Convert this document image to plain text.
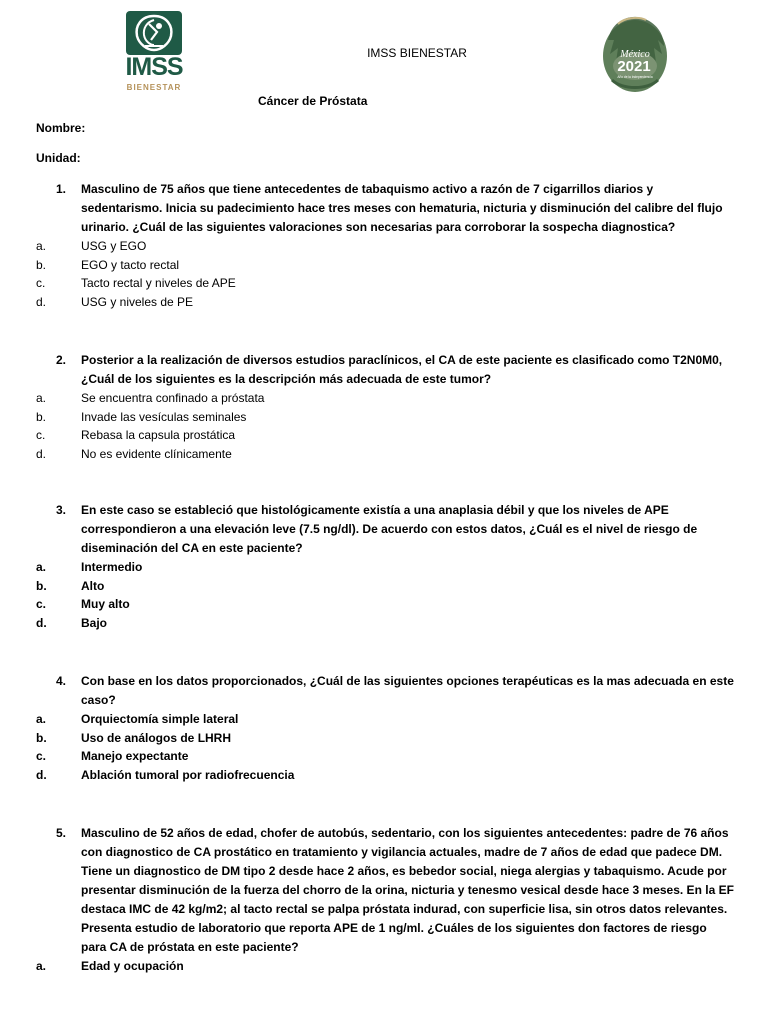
IMSS
BIENESTAR
IMSS BIENESTAR	México
2021
Año de la Independencia
Cáncer de Próstata
Nombre:
Unidad:
1. Masculino de 75 años que tiene antecedentes de tabaquismo activo a razón de 7 cigarrillos diarios y
sedentarismo. Inicia su padecimiento hace tres meses con hematuria, nicturia y disminución del calibre del flujo
urinario. ¿Cuál de las siguientes valoraciones son necesarias para corroborar la sospecha diagnostica?
a.	USG y EGO
b.	EGO y tacto rectal
c.	Tacto rectal y niveles de APE
d.	USG y niveles de PE
2. Posterior a la realización de diversos estudios paraclínicos, el CA de este paciente es clasificado como T2N0M0,
¿Cuál de los siguientes es la descripción más adecuada de este tumor?
a.	Se encuentra confinado a próstata
b.	Invade las vesículas seminales
c.	Rebasa la capsula prostática
d.	No es evidente clínicamente
3. En este caso se estableció que histológicamente existía a una anaplasia débil y que los niveles de APE
correspondieron a una elevación leve (7.5 ng/dl). De acuerdo con estos datos, ¿Cuál es el nivel de riesgo de
diseminación del CA en este paciente?
a.	Intermedio
b.	Alto
c.	Muy alto
d.	Bajo
4. Con base en los datos proporcionados, ¿Cuál de las siguientes opciones terapéuticas es la mas adecuada en este
caso?
a.	Orquiectomía simple lateral
b.	Uso de análogos de LHRH
c.	Manejo expectante
d.	Ablación tumoral por radiofrecuencia
5. Masculino de 52 años de edad, chofer de autobús, sedentario, con los siguientes antecedentes: padre de 76 años
con diagnostico de CA prostático en tratamiento y vigilancia actuales, madre de 7 años de edad que padece DM.
Tiene un diagnostico de DM tipo 2 desde hace 2 años, es bebedor social, niega alergias y tabaquismo. Acude por
presentar disminución de la fuerza del chorro de la orina, nicturia y tenesmo vesical desde hace 3 meses. En la EF
destaca IMC de 42 kg/m2; al tacto rectal se palpa próstata indurad, con superficie lisa, sin otros datos relevantes.
Presenta estudio de laboratorio que reporta APE de 1 ng/ml. ¿Cuáles de los siguientes don factores de riesgo
para CA de próstata en este paciente?
a.	Edad y ocupación
